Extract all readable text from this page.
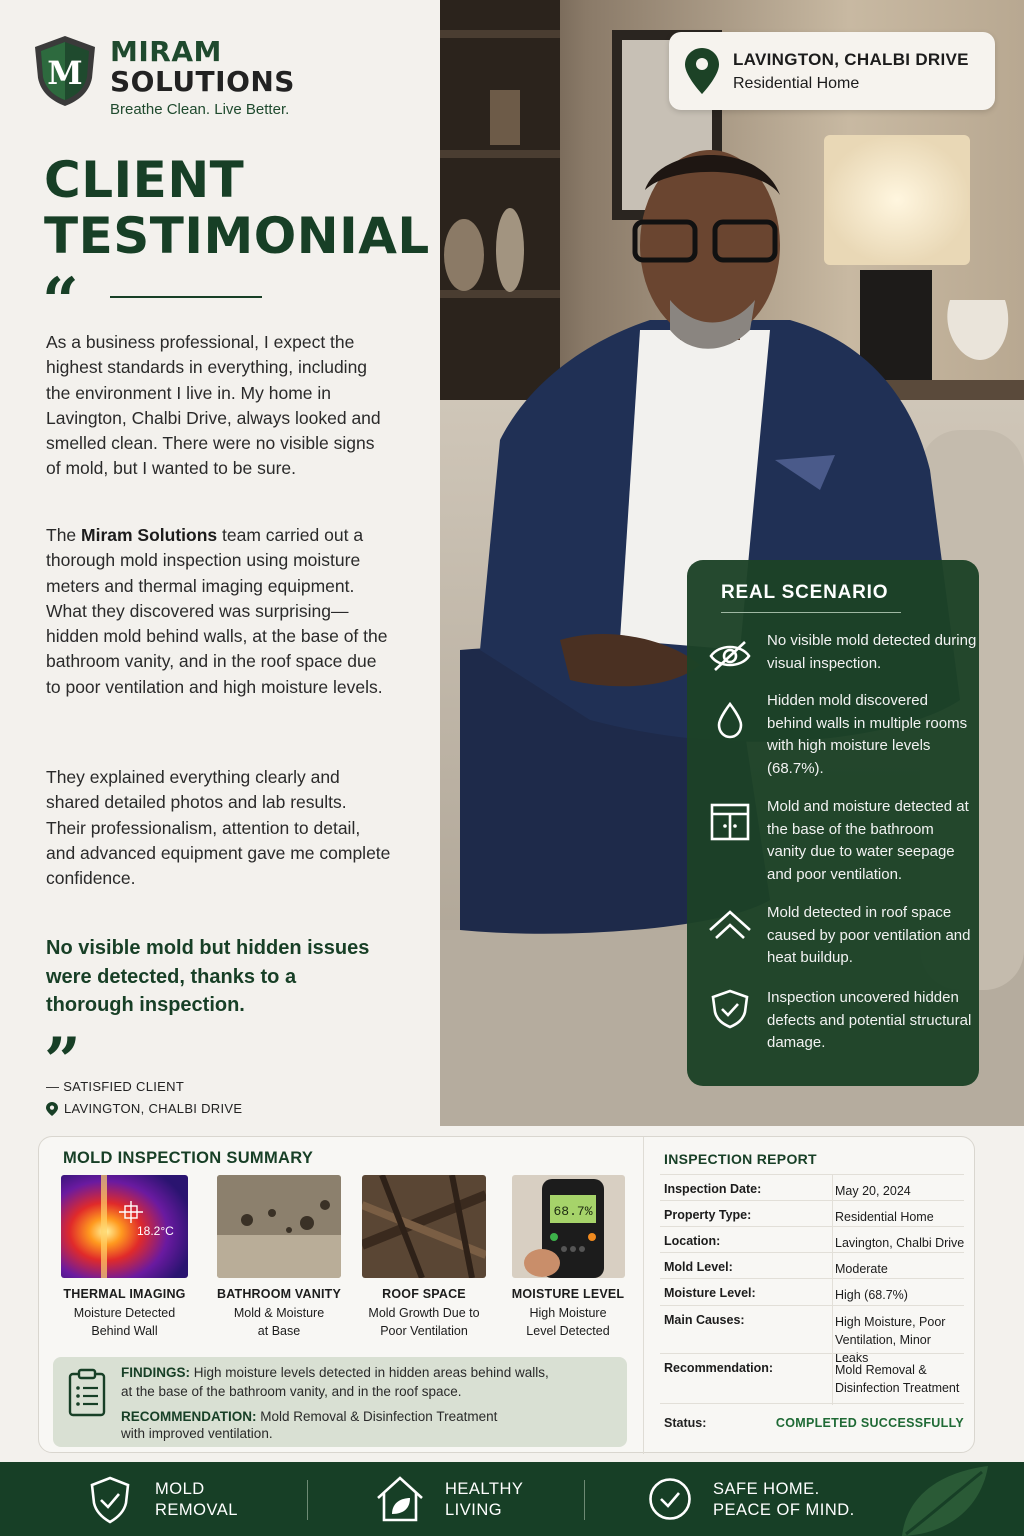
M
MIRAM
SOLUTIONS
Breathe Clean. Live Better.
CLIENT
TESTIMONIAL
“

As a business professional, I expect the highest standards in everything, including the environment I live in. My home in Lavington, Chalbi Drive, always looked and smelled clean. There were no visible signs of mold, but I wanted to be sure.

The Miram Solutions team carried out a thorough mold inspection using moisture meters and thermal imaging equipment. What they discovered was surprising—hidden mold behind walls, at the base of the bathroom vanity, and in the roof space due to poor ventilation and high moisture levels.

They explained everything clearly and shared detailed photos and lab results. Their professionalism, attention to detail, and advanced equipment gave me complete confidence.

No visible mold but hidden issues were detected, thanks to a thorough inspection.
”
— SATISFIED CLIENT
LAVINGTON, CHALBI DRIVE
LAVINGTON, CHALBI DRIVE
Residential Home
REAL SCENARIO
No visible mold detected during visual inspection.
Hidden mold discovered behind walls in multiple rooms with high moisture levels (68.7%).
Mold and moisture detected at the base of the bathroom vanity due to water seepage and poor ventilation.
Mold detected in roof space caused by poor ventilation and heat buildup.
Inspection uncovered hidden defects and potential structural damage.
MOLD INSPECTION SUMMARY
18.2°C
68.7%
THERMAL IMAGING
Moisture Detected
Behind Wall
BATHROOM VANITY
Mold & Moisture
at Base
ROOF SPACE
Mold Growth Due to
Poor Ventilation
MOISTURE LEVEL
High Moisture
Level Detected
FINDINGS: High moisture levels detected in hidden areas behind walls,
at the base of the bathroom vanity, and in the roof space.
RECOMMENDATION: Mold Removal & Disinfection Treatment
with improved ventilation.
INSPECTION REPORT
Inspection Date:	May 20, 2024
Property Type:	Residential Home
Location:	Lavington, Chalbi Drive
Mold Level:	Moderate
Moisture Level:	High (68.7%)
Main Causes:	High Moisture, Poor Ventilation, Minor Leaks
Recommendation:	Mold Removal & Disinfection Treatment
Status:	COMPLETED SUCCESSFULLY
MOLD
REMOVAL
HEALTHY
LIVING
SAFE HOME.
PEACE OF MIND.
